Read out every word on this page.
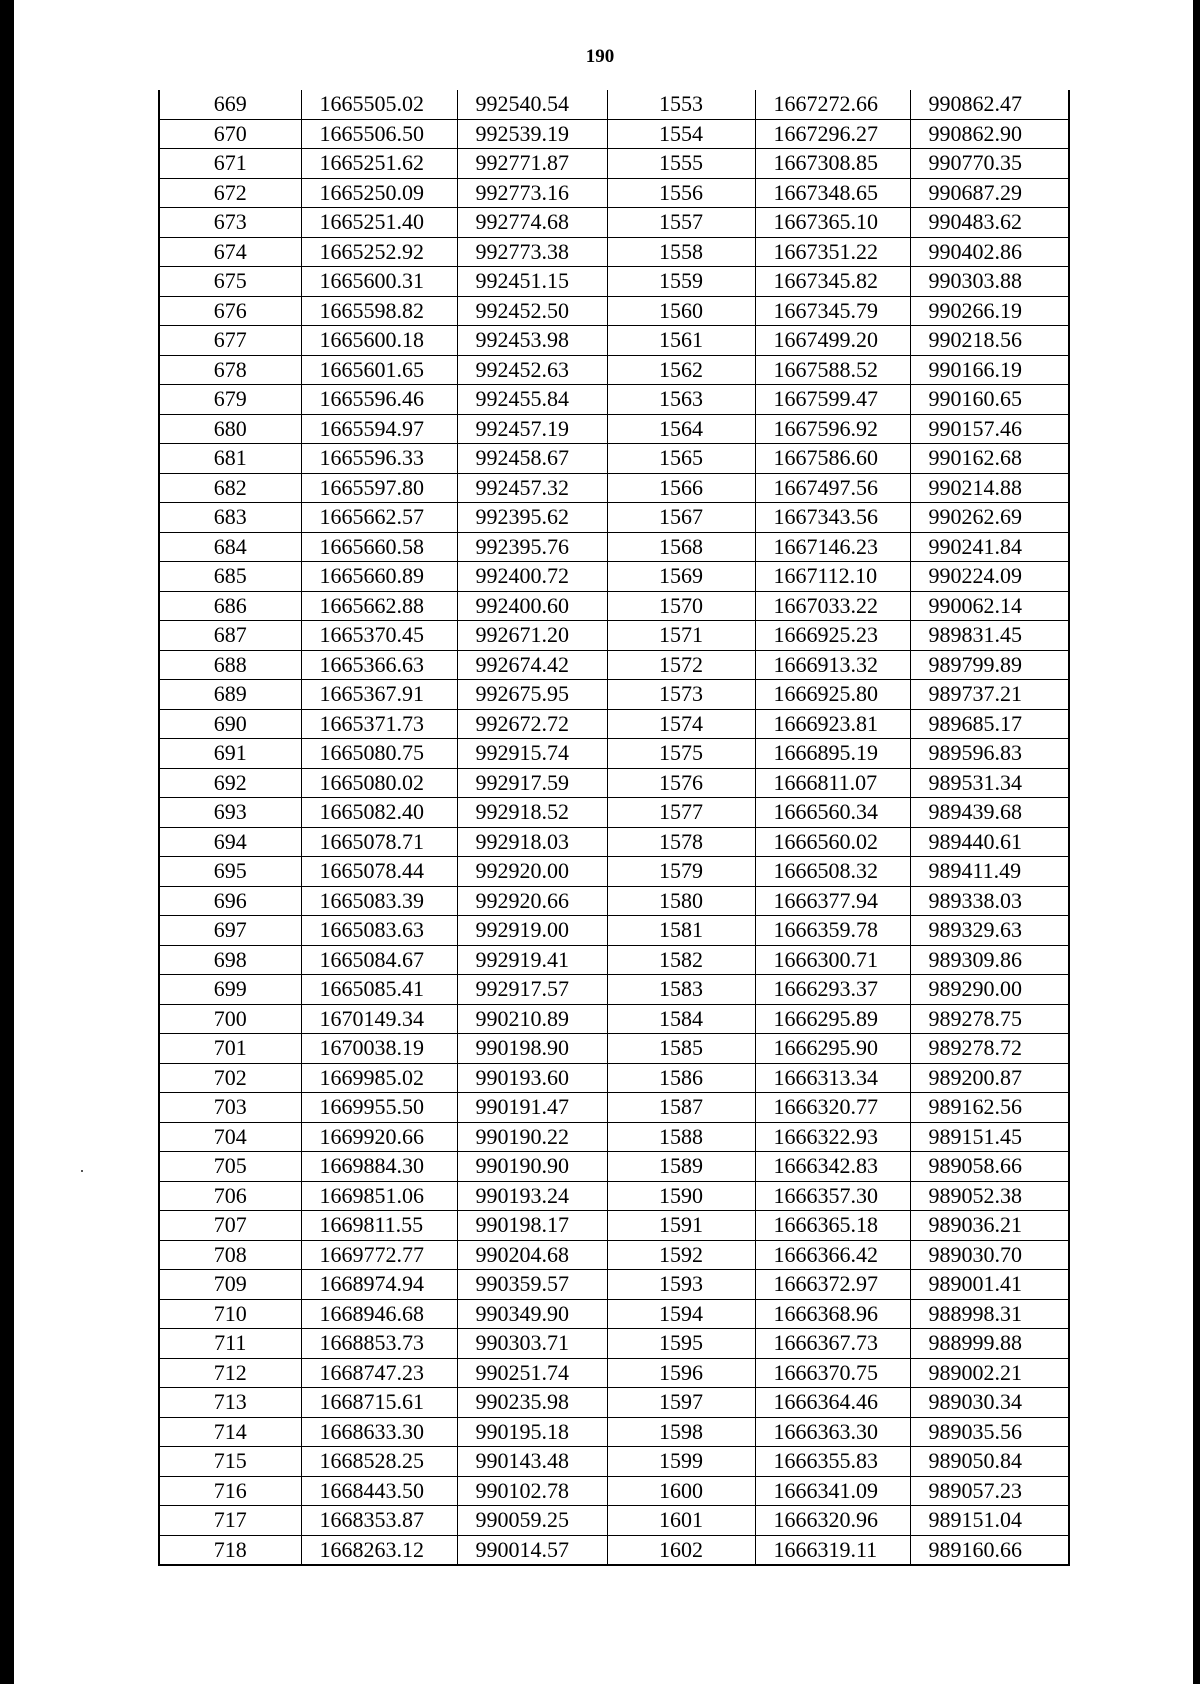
190
669	1665505.02	992540.54	1553	1667272.66	990862.47
670	1665506.50	992539.19	1554	1667296.27	990862.90
671	1665251.62	992771.87	1555	1667308.85	990770.35
672	1665250.09	992773.16	1556	1667348.65	990687.29
673	1665251.40	992774.68	1557	1667365.10	990483.62
674	1665252.92	992773.38	1558	1667351.22	990402.86
675	1665600.31	992451.15	1559	1667345.82	990303.88
676	1665598.82	992452.50	1560	1667345.79	990266.19
677	1665600.18	992453.98	1561	1667499.20	990218.56
678	1665601.65	992452.63	1562	1667588.52	990166.19
679	1665596.46	992455.84	1563	1667599.47	990160.65
680	1665594.97	992457.19	1564	1667596.92	990157.46
681	1665596.33	992458.67	1565	1667586.60	990162.68
682	1665597.80	992457.32	1566	1667497.56	990214.88
683	1665662.57	992395.62	1567	1667343.56	990262.69
684	1665660.58	992395.76	1568	1667146.23	990241.84
685	1665660.89	992400.72	1569	1667112.10	990224.09
686	1665662.88	992400.60	1570	1667033.22	990062.14
687	1665370.45	992671.20	1571	1666925.23	989831.45
688	1665366.63	992674.42	1572	1666913.32	989799.89
689	1665367.91	992675.95	1573	1666925.80	989737.21
690	1665371.73	992672.72	1574	1666923.81	989685.17
691	1665080.75	992915.74	1575	1666895.19	989596.83
692	1665080.02	992917.59	1576	1666811.07	989531.34
693	1665082.40	992918.52	1577	1666560.34	989439.68
694	1665078.71	992918.03	1578	1666560.02	989440.61
695	1665078.44	992920.00	1579	1666508.32	989411.49
696	1665083.39	992920.66	1580	1666377.94	989338.03
697	1665083.63	992919.00	1581	1666359.78	989329.63
698	1665084.67	992919.41	1582	1666300.71	989309.86
699	1665085.41	992917.57	1583	1666293.37	989290.00
700	1670149.34	990210.89	1584	1666295.89	989278.75
701	1670038.19	990198.90	1585	1666295.90	989278.72
702	1669985.02	990193.60	1586	1666313.34	989200.87
703	1669955.50	990191.47	1587	1666320.77	989162.56
704	1669920.66	990190.22	1588	1666322.93	989151.45
705	1669884.30	990190.90	1589	1666342.83	989058.66
706	1669851.06	990193.24	1590	1666357.30	989052.38
707	1669811.55	990198.17	1591	1666365.18	989036.21
708	1669772.77	990204.68	1592	1666366.42	989030.70
709	1668974.94	990359.57	1593	1666372.97	989001.41
710	1668946.68	990349.90	1594	1666368.96	988998.31
711	1668853.73	990303.71	1595	1666367.73	988999.88
712	1668747.23	990251.74	1596	1666370.75	989002.21
713	1668715.61	990235.98	1597	1666364.46	989030.34
714	1668633.30	990195.18	1598	1666363.30	989035.56
715	1668528.25	990143.48	1599	1666355.83	989050.84
716	1668443.50	990102.78	1600	1666341.09	989057.23
717	1668353.87	990059.25	1601	1666320.96	989151.04
718	1668263.12	990014.57	1602	1666319.11	989160.66
